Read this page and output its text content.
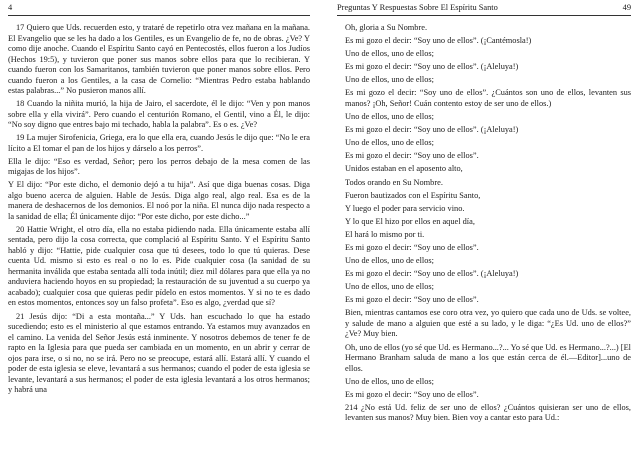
4	Preguntas Y Respuestas Sobre El Espíritu Santo	49

17 Quiero que Uds. recuerden esto, y trataré de repetirlo otra vez mañana en la mañana. El Evangelio que se les ha dado a los Gentiles, es un Evangelio de fe, no de obras. ¿Ve? Y como dije anoche. Cuando el Espíritu Santo cayó en Pentecostés, ellos fueron a los Judíos (Hechos 19:5), y tuvieron que poner sus manos sobre ellos para que lo recibieran. Y cuando fueron con los Samaritanos, también tuvieron que poner manos sobre ellos. Pero cuando fueron a los Gentiles, a la casa de Cornelio: “Mientras Pedro estaba hablando estas palabras...” No pusieron manos allí.

18 Cuando la niñita murió, la hija de Jairo, el sacerdote, él le dijo: “Ven y pon manos sobre ella y ella vivirá”. Pero cuando el centurión Romano, el Gentil, vino a Él, le dijo: “No soy digno que entres bajo mi techado, habla la palabra”. Es o es. ¿Ve?

19 La mujer Sirofenicia, Griega, era lo que ella era, cuando Jesús le dijo que: “No le era lícito a El tomar el pan de los hijos y dárselo a los perros”.

Ella le dijo: “Eso es verdad, Señor; pero los perros debajo de la mesa comen de las migajas de los hijos”.

Y El dijo: “Por este dicho, el demonio dejó a tu hija”. Así que diga buenas cosas. Diga algo bueno acerca de alguien. Hable de Jesús. Diga algo real, algo real. Esa es de la manera de deshacernos de los demonios. El noó por la niña. El nunca dijo nada respecto a la sanidad de ella; Él únicamente dijo: “Por este dicho, por este dicho...”

20 Hattie Wright, el otro día, ella no estaba pidiendo nada. Ella únicamente estaba allí sentada, pero dijo la cosa correcta, que complació al Espíritu Santo. Y el Espíritu Santo habló y dijo: “Hattie, pide cualquier cosa que tú desees, todo lo que tú quieras. Dese cuenta Ud. mismo si esto es real o no lo es. Pide cualquier cosa (la sanidad de su hermanita inválida que estaba sentada allí toda inútil; diez mil dólares para que ella ya no anduviera haciendo hoyos en su propiedad; la restauración de su juventud a su cuerpo ya acabado); cualquier cosa que quieras pedir pídelo en estos momentos. Y si no te es dado en estos momentos, entonces soy un falso profeta”. Eso es algo, ¿verdad que sí?

21 Jesús dijo: “Di a esta montaña...” Y Uds. han escuchado lo que ha estado sucediendo; esto es el ministerio al que estamos entrando. Ya estamos muy avanzados en el camino. La venida del Señor Jesús está inminente. Y nosotros debemos de tener fe de rapto en la Iglesia para que pueda ser cambiada en un momento, en un abrir y cerrar de ojos para irse, o si no, no se irá. Pero no se preocupe, estará allí. Estará allí. Y cuando el poder de esta iglesia se eleve, levantará a sus hermanos; cuando el poder de esta iglesia se levante, levantará a sus hermanos; el poder de esta iglesia levantará a los otros hermanos; y habrá una

Oh, gloria a Su Nombre.

Es mi gozo el decir: “Soy uno de ellos”. (¡Cantémosla!)

Uno de ellos, uno de ellos;

Es mi gozo el decir: “Soy uno de ellos”. (¡Aleluya!)

Uno de ellos, uno de ellos;

Es mi gozo el decir: “Soy uno de ellos”. ¿Cuántos son uno de ellos, levanten sus manos? ¡Oh, Señor! Cuán contento estoy de ser uno de ellos.)

Uno de ellos, uno de ellos;

Es mi gozo el decir: “Soy uno de ellos”. (¡Aleluya!)

Uno de ellos, uno de ellos;

Es mi gozo el decir: “Soy uno de ellos”.

Unidos estaban en el aposento alto,

Todos orando en Su Nombre.

Fueron bautizados con el Espíritu Santo,

Y luego el poder para servicio vino.

Y lo que El hizo por ellos en aquel día,

El hará lo mismo por ti.

Es mi gozo el decir: “Soy uno de ellos”.

Uno de ellos, uno de ellos;

Es mi gozo el decir: “Soy uno de ellos”. (¡Aleluya!)

Uno de ellos, uno de ellos;

Es mi gozo el decir: “Soy uno de ellos”.

Bien, mientras cantamos ese coro otra vez, yo quiero que cada uno de Uds. se voltee, y salude de mano a alguien que esté a su lado, y le diga: “¿Es Ud. uno de ellos?” ¿Ve? Muy bien.

Oh, uno de ellos (yo sé que Ud. es Hermano...?... Yo sé que Ud. es Hermano...?...) [El Hermano Branham saluda de mano a los que están cerca de él.—Editor]...uno de ellos.

Uno de ellos, uno de ellos;

Es mi gozo el decir: “Soy uno de ellos”.

214 ¿No está Ud. feliz de ser uno de ellos? ¿Cuántos quisieran ser uno de ellos, levanten sus manos? Muy bien. Bien voy a cantar esto para Ud.:
